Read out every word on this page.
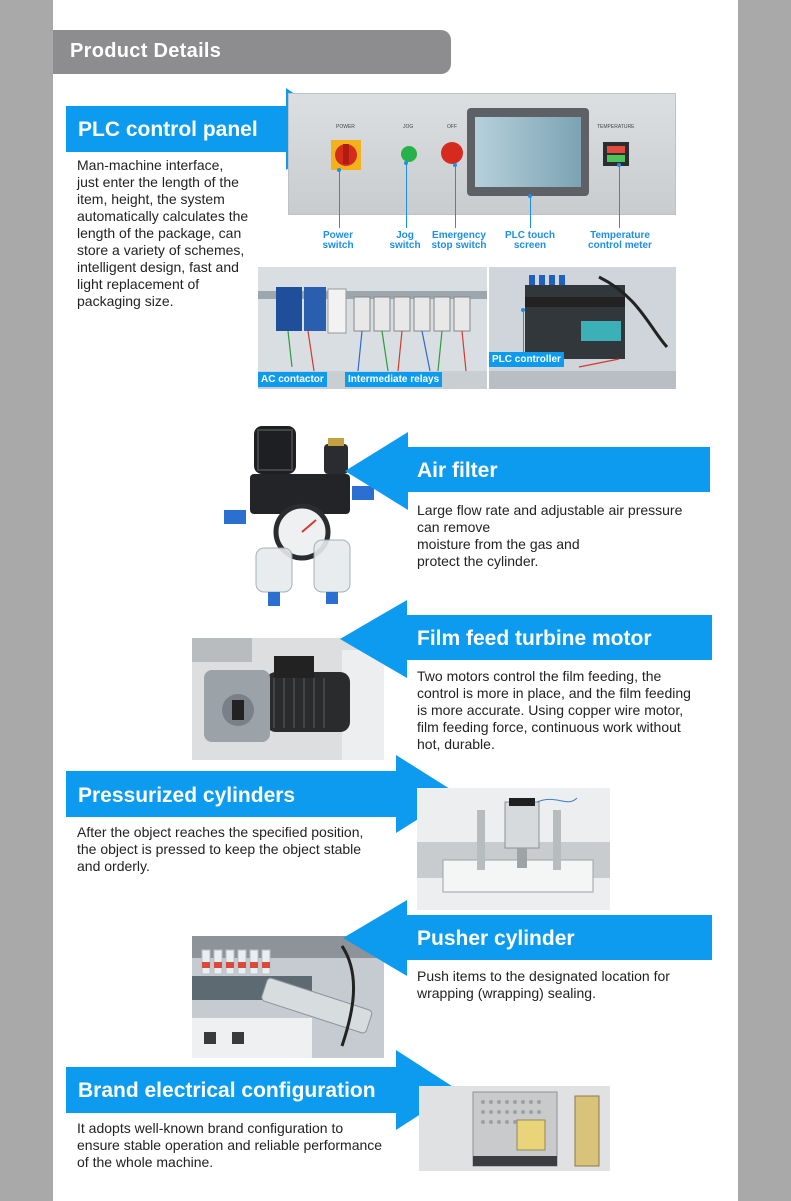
Product Details
PLC control panel
Man-machine interface,
just enter the length of the
item, height, the system
automatically calculates the
length of the package, can
store a variety of schemes,
intelligent design, fast and
light replacement of
packaging size.
POWER	JOG	OFF	TEMPERATURE
Power
switch
Jog
switch
Emergency
stop switch
PLC touch
screen
Temperature
control meter
AC contactor	Intermediate relays
PLC controller
Air filter
Large flow rate and adjustable air pressure
can remove
moisture from the gas and
protect the cylinder.
Film feed turbine motor
Two motors control the film feeding, the
control is more in place, and the film feeding
is more accurate. Using copper wire motor,
film feeding force, continuous work without
hot, durable.
Pressurized cylinders
After the object reaches the specified position,
the object is pressed to keep the object stable
and orderly.
Pusher cylinder
Push items to the designated location for
wrapping (wrapping) sealing.
Brand electrical configuration
It adopts well-known brand configuration to
ensure stable operation and reliable performance
of the whole machine.
